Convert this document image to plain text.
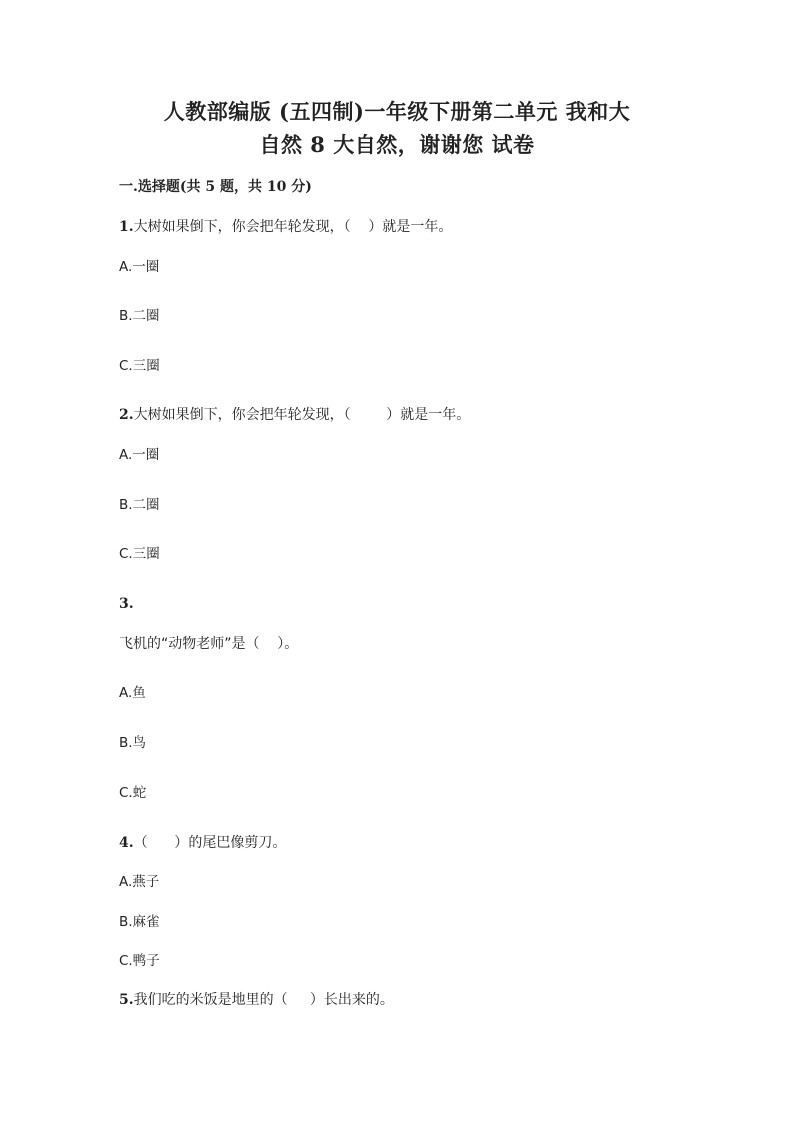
人教部编版 (五四制)一年级下册第二单元 我和大
自然 8 大自然，谢谢您 试卷
一.选择题(共 5 题，共 10 分)
1.大树如果倒下，你会把年轮发现，（    ）就是一年。
A.一圈
B.二圈
C.三圈
2.大树如果倒下，你会把年轮发现，（        ）就是一年。
A.一圈
B.二圈
C.三圈
3.
飞机的“动物老师”是（    ）。
A.鱼
B.鸟
C.蛇
4.（      ）的尾巴像剪刀。
A.燕子
B.麻雀
C.鸭子
5.我们吃的米饭是地里的（     ）长出来的。
